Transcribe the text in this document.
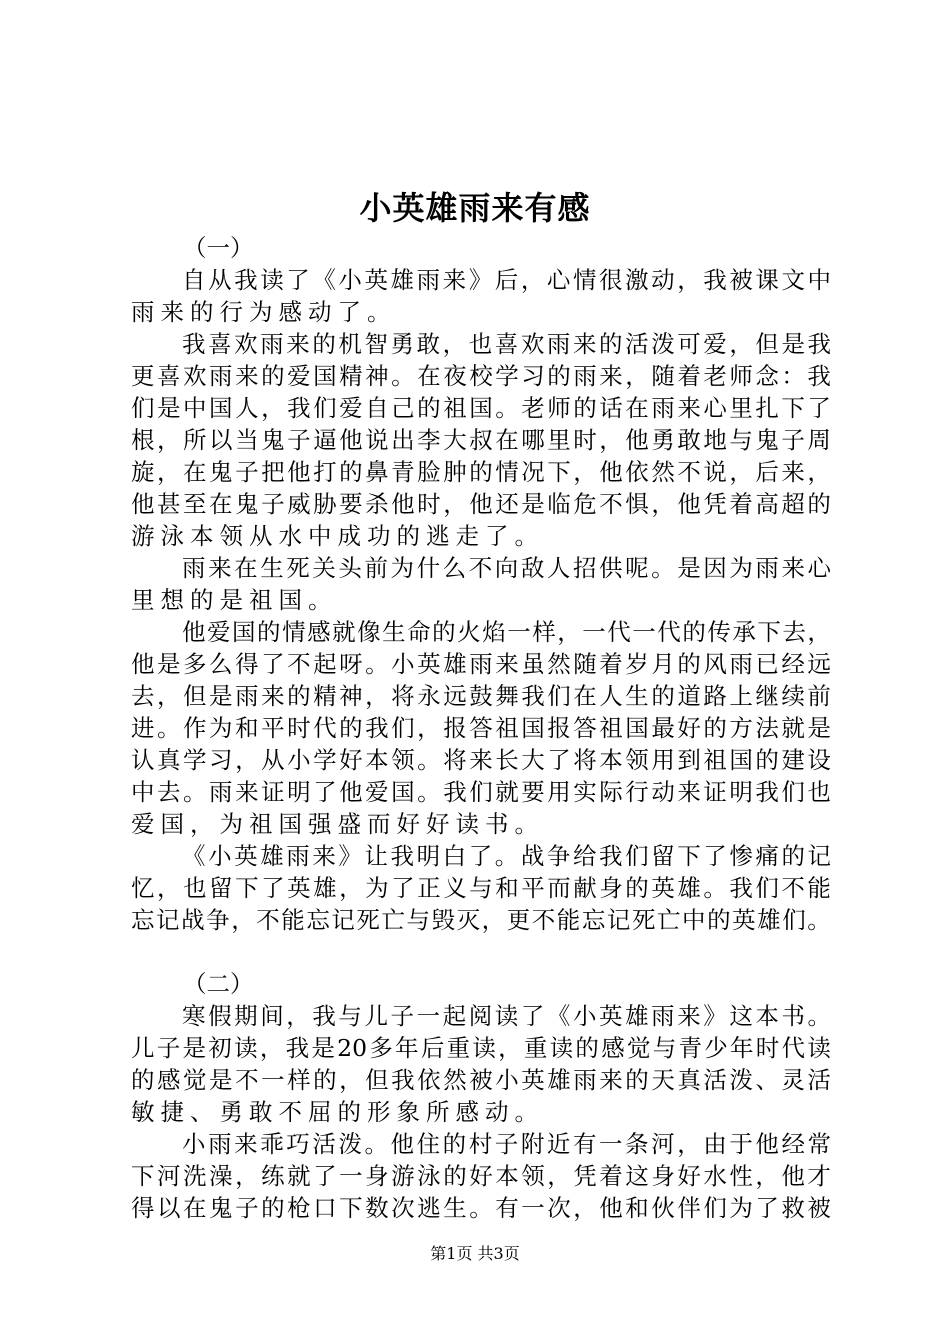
小英雄雨来有感
（ 一 ）
自 从 我 读 了 《 小 英 雄 雨 来 》 后 ， 心 情 很 激 动 ， 我 被 课 文 中
雨 来 的 行 为 感 动 了 。
我 喜 欢 雨 来 的 机 智 勇 敢 ， 也 喜 欢 雨 来 的 活 泼 可 爱 ， 但 是 我
更 喜 欢 雨 来 的 爱 国 精 神 。 在 夜 校 学 习 的 雨 来 ， 随 着 老 师 念 ： 我
们 是 中 国 人 ， 我 们 爱 自 己 的 祖 国 。 老 师 的 话 在 雨 来 心 里 扎 下 了
根 ， 所 以 当 鬼 子 逼 他 说 出 李 大 叔 在 哪 里 时 ， 他 勇 敢 地 与 鬼 子 周
旋 ， 在 鬼 子 把 他 打 的 鼻 青 脸 肿 的 情 况 下 ， 他 依 然 不 说 ， 后 来 ，
他 甚 至 在 鬼 子 威 胁 要 杀 他 时 ， 他 还 是 临 危 不 惧 ， 他 凭 着 高 超 的
游 泳 本 领 从 水 中 成 功 的 逃 走 了 。
雨 来 在 生 死 关 头 前 为 什 么 不 向 敌 人 招 供 呢 。 是 因 为 雨 来 心
里 想 的 是 祖 国 。
他 爱 国 的 情 感 就 像 生 命 的 火 焰 一 样 ， 一 代 一 代 的 传 承 下 去 ，
他 是 多 么 得 了 不 起 呀 。 小 英 雄 雨 来 虽 然 随 着 岁 月 的 风 雨 已 经 远
去 ， 但 是 雨 来 的 精 神 ， 将 永 远 鼓 舞 我 们 在 人 生 的 道 路 上 继 续 前
进 。 作 为 和 平 时 代 的 我 们 ， 报 答 祖 国 报 答 祖 国 最 好 的 方 法 就 是
认 真 学 习 ， 从 小 学 好 本 领 。 将 来 长 大 了 将 本 领 用 到 祖 国 的 建 设
中 去 。 雨 来 证 明 了 他 爱 国 。 我 们 就 要 用 实 际 行 动 来 证 明 我 们 也
爱 国 ， 为 祖 国 强 盛 而 好 好 读 书 。
《 小 英 雄 雨 来 》 让 我 明 白 了 。 战 争 给 我 们 留 下 了 惨 痛 的 记
忆 ， 也 留 下 了 英 雄 ， 为 了 正 义 与 和 平 而 献 身 的 英 雄 。 我 们 不 能
忘 记 战 争 ， 不 能 忘 记 死 亡 与 毁 灭 ， 更 不 能 忘 记 死 亡 中 的 英 雄 们 。
（ 二 ）
寒 假 期 间 ， 我 与 儿 子 一 起 阅 读 了 《 小 英 雄 雨 来 》 这 本 书 。
儿 子 是 初 读 ， 我 是 20 多 年 后 重 读 ， 重 读 的 感 觉 与 青 少 年 时 代 读
的 感 觉 是 不 一 样 的 ， 但 我 依 然 被 小 英 雄 雨 来 的 天 真 活 泼 、 灵 活
敏 捷 、 勇 敢 不 屈 的 形 象 所 感 动 。
小 雨 来 乖 巧 活 泼 。 他 住 的 村 子 附 近 有 一 条 河 ， 由 于 他 经 常
下 河 洗 澡 ， 练 就 了 一 身 游 泳 的 好 本 领 ， 凭 着 这 身 好 水 性 ， 他 才
得 以 在 鬼 子 的 枪 口 下 数 次 逃 生 。 有 一 次 ， 他 和 伙 伴 们 为 了 救 被
第1页 共3页
